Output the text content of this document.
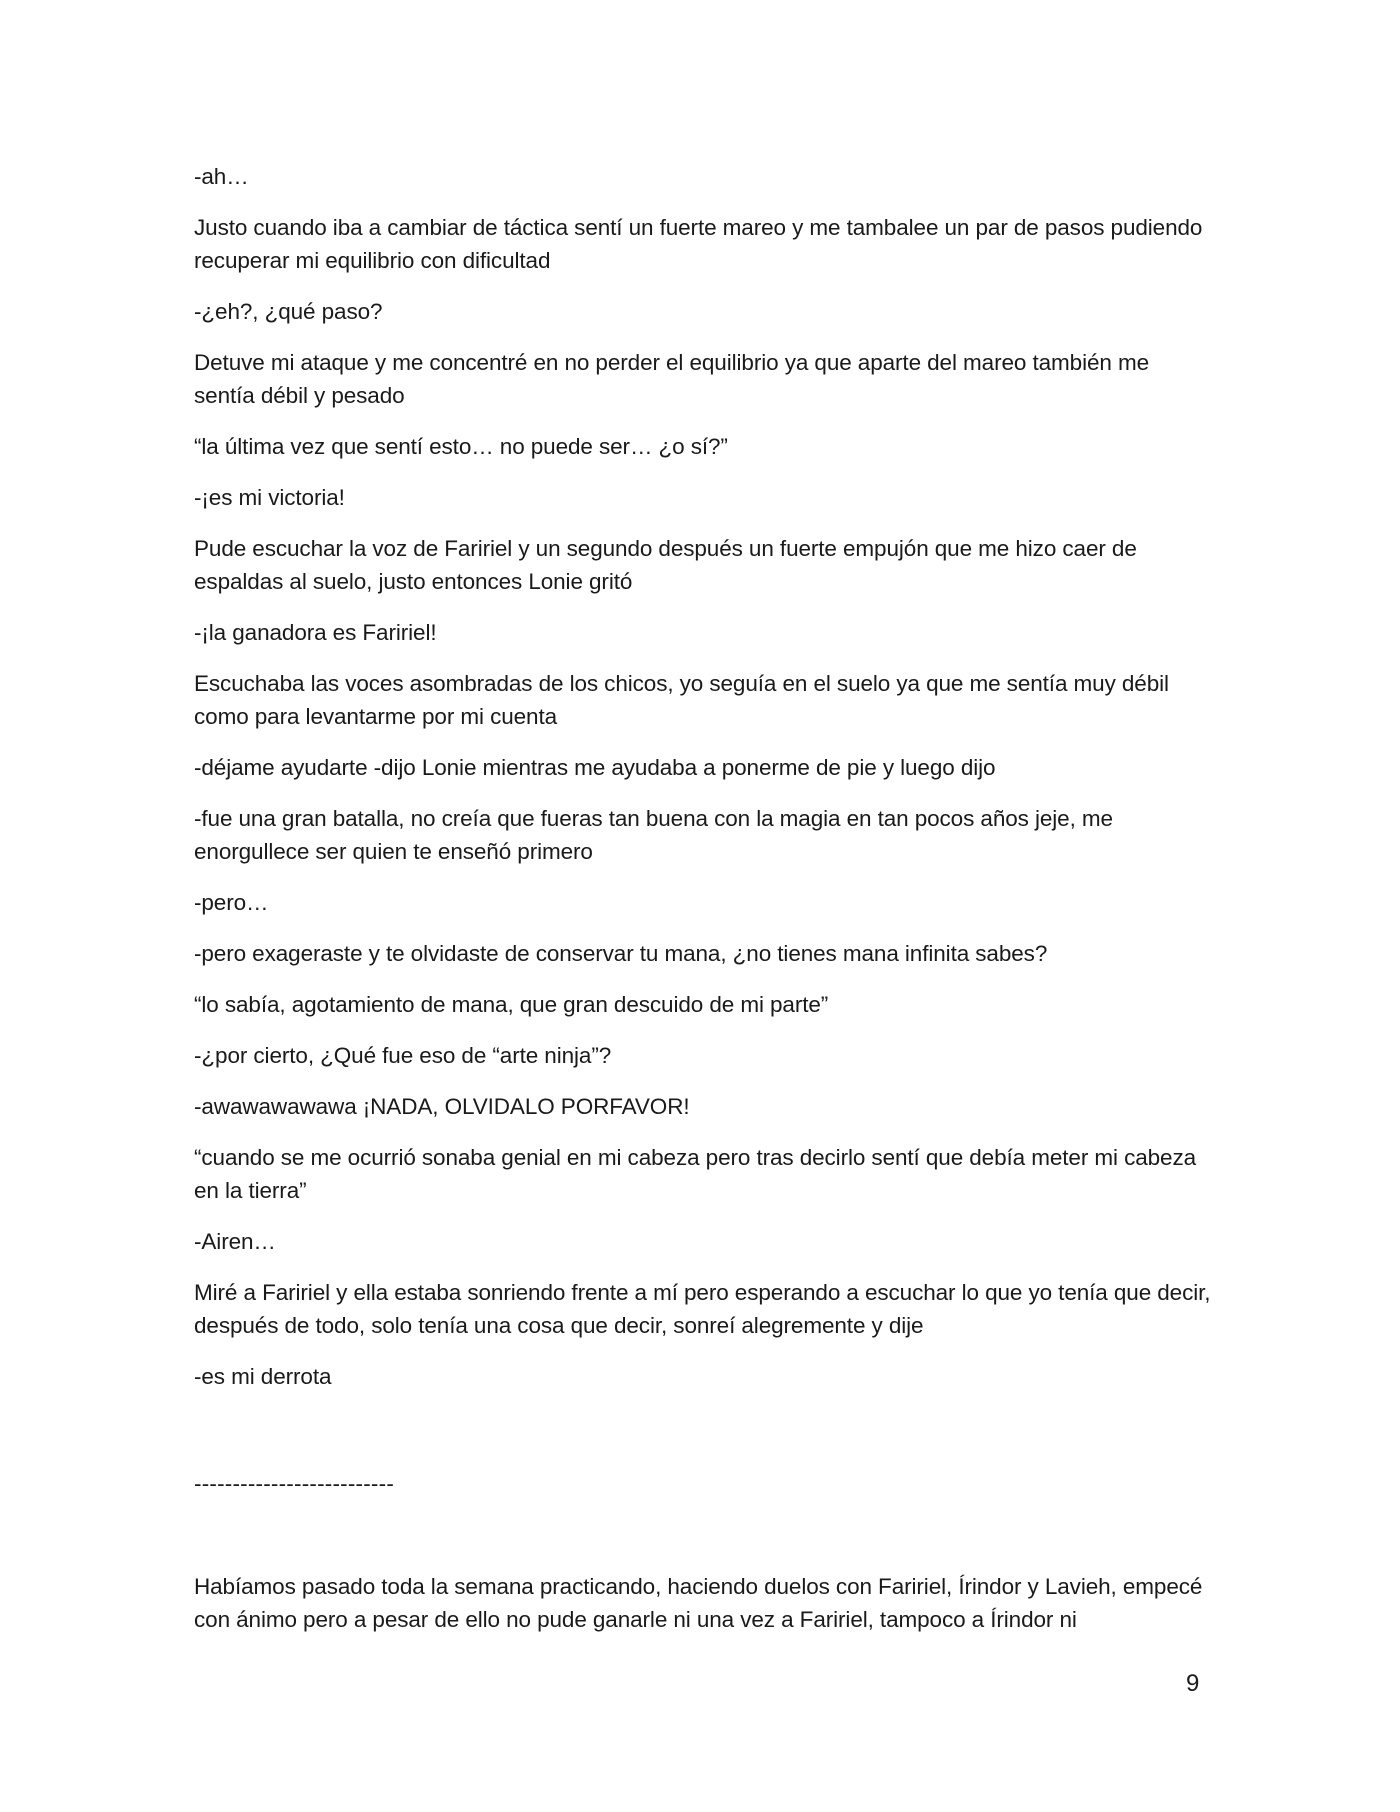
-ah…

Justo cuando iba a cambiar de táctica sentí un fuerte mareo y me tambalee un par de pasos pudiendo recuperar mi equilibrio con dificultad

-¿eh?, ¿qué paso?

Detuve mi ataque y me concentré en no perder el equilibrio ya que aparte del mareo también me sentía débil y pesado

“la última vez que sentí esto… no puede ser… ¿o sí?”

-¡es mi victoria!

Pude escuchar la voz de Faririel y un segundo después un fuerte empujón que me hizo caer de espaldas al suelo, justo entonces Lonie gritó

-¡la ganadora es Faririel!

Escuchaba las voces asombradas de los chicos, yo seguía en el suelo ya que me sentía muy débil como para levantarme por mi cuenta

-déjame ayudarte -dijo Lonie mientras me ayudaba a ponerme de pie y luego dijo

-fue una gran batalla, no creía que fueras tan buena con la magia en tan pocos años jeje, me enorgullece ser quien te enseñó primero

-pero…

-pero exageraste y te olvidaste de conservar tu mana, ¿no tienes mana infinita sabes?

“lo sabía, agotamiento de mana, que gran descuido de mi parte”

-¿por cierto, ¿Qué fue eso de “arte ninja”?

-awawawawawa ¡NADA, OLVIDALO PORFAVOR!

“cuando se me ocurrió sonaba genial en mi cabeza pero tras decirlo sentí que debía meter mi cabeza en la tierra”

-Airen…

Miré a Faririel y ella estaba sonriendo frente a mí pero esperando a escuchar lo que yo tenía que decir, después de todo, solo tenía una cosa que decir, sonreí alegremente y dije

-es mi derrota

--------------------------

Habíamos pasado toda la semana practicando, haciendo duelos con Faririel, Írindor y Lavieh, empecé con ánimo pero a pesar de ello no pude ganarle ni una vez a Faririel, tampoco a Írindor ni

9
